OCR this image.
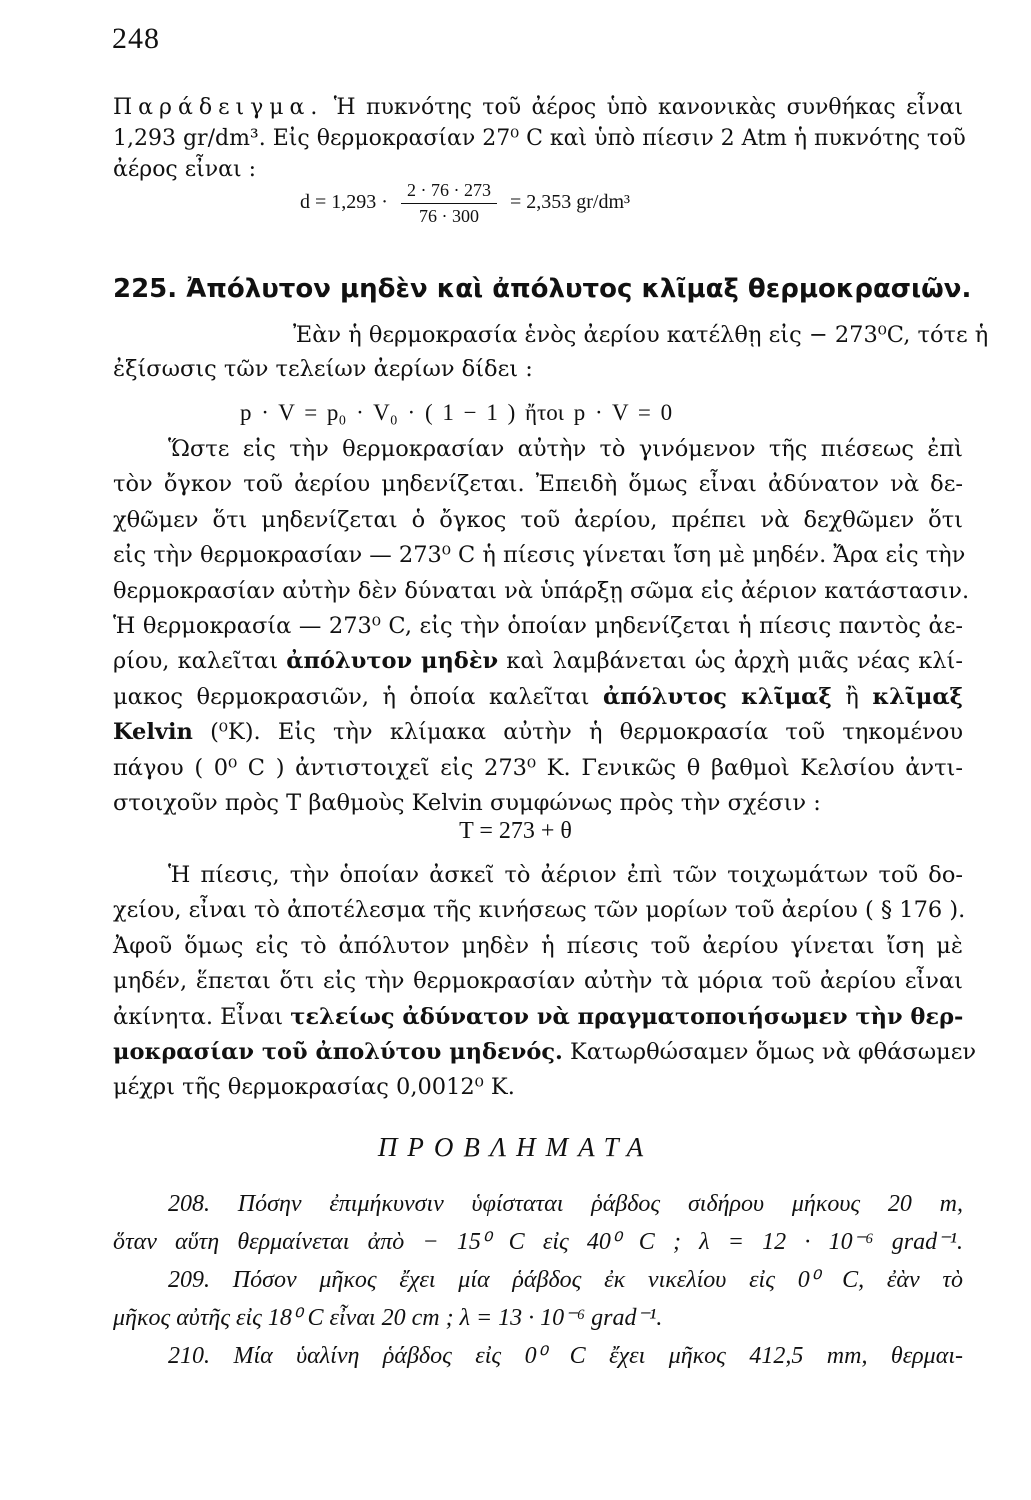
248
Παράδειγμα. Ἡ πυκνότης τοῦ ἀέρος ὑπὸ κανονικὰς συνθήκας εἶναι
1,293 gr/dm³. Εἰς θερμοκρασίαν 27⁰ C καὶ ὑπὸ πίεσιν 2 Atm ἡ πυκνότης τοῦ
ἀέρος εἶναι :
$d = 1,293 \cdot \frac{2 \cdot 76 \cdot 273}{76 \cdot 300} = 2,353$ gr/dm³
225. Ἀπόλυτον μηδὲν καὶ ἀπόλυτος κλῖμαξ θερμοκρασιῶν.
Ἐὰν ἡ θερμοκρασία ἑνὸς ἀερίου κατέλθῃ εἰς − 273⁰C, τότε ἡ
ἐξίσωσις τῶν τελείων ἀερίων δίδει :
p · V = p₀ · V₀ · ( 1 − 1 ) ἤτοι p · V = 0
Ὥστε εἰς τὴν θερμοκρασίαν αὐτὴν τὸ γινόμενον τῆς πιέσεως ἐπὶ
τὸν ὄγκον τοῦ ἀερίου μηδενίζεται. Ἐπειδὴ ὅμως εἶναι ἀδύνατον νὰ δε-
χθῶμεν ὅτι μηδενίζεται ὁ ὄγκος τοῦ ἀερίου, πρέπει νὰ δεχθῶμεν ὅτι
εἰς τὴν θερμοκρασίαν — 273⁰ C ἡ πίεσις γίνεται ἴση μὲ μηδέν. Ἄρα εἰς τὴν
θερμοκρασίαν αὐτὴν δὲν δύναται νὰ ὑπάρξῃ σῶμα εἰς ἀέριον κατάστασιν.
Ἡ θερμοκρασία — 273⁰ C, εἰς τὴν ὁποίαν μηδενίζεται ἡ πίεσις παντὸς ἀε-
ρίου, καλεῖται ἀπόλυτον μηδὲν καὶ λαμβάνεται ὡς ἀρχὴ μιᾶς νέας κλί-
μακος θερμοκρασιῶν, ἡ ὁποία καλεῖται ἀπόλυτος κλῖμαξ ἢ κλῖμαξ
Kelvin (⁰K). Εἰς τὴν κλίμακα αὐτὴν ἡ θερμοκρασία τοῦ τηκομένου
πάγου ( 0⁰ C ) ἀντιστοιχεῖ εἰς 273⁰ K. Γενικῶς θ βαθμοὶ Κελσίου ἀντι-
στοιχοῦν πρὸς T βαθμοὺς Kelvin συμφώνως πρὸς τὴν σχέσιν :
T = 273 + θ
Ἡ πίεσις, τὴν ὁποίαν ἀσκεῖ τὸ ἀέριον ἐπὶ τῶν τοιχωμάτων τοῦ δο-
χείου, εἶναι τὸ ἀποτέλεσμα τῆς κινήσεως τῶν μορίων τοῦ ἀερίου ( § 176 ).
Ἀφοῦ ὅμως εἰς τὸ ἀπόλυτον μηδὲν ἡ πίεσις τοῦ ἀερίου γίνεται ἴση μὲ
μηδέν, ἕπεται ὅτι εἰς τὴν θερμοκρασίαν αὐτὴν τὰ μόρια τοῦ ἀερίου εἶναι
ἀκίνητα. Εἶναι τελείως ἀδύνατον νὰ πραγματοποιήσωμεν τὴν θερ-
μοκρασίαν τοῦ ἀπολύτου μηδενός. Κατωρθώσαμεν ὅμως νὰ φθάσωμεν
μέχρι τῆς θερμοκρασίας 0,0012⁰ K.
ΠΡΟΒΛΗΜΑΤΑ
208. Πόσην ἐπιμήκυνσιν ὑφίσταται ῥάβδος σιδήρου μήκους 20 m,
ὅταν αὕτη θερμαίνεται ἀπὸ − 15⁰ C εἰς 40⁰ C ; λ = 12 · 10⁻⁶ grad⁻¹.
209. Πόσον μῆκος ἔχει μία ῥάβδος ἐκ νικελίου εἰς 0⁰ C, ἐὰν τὸ
μῆκος αὐτῆς εἰς 18⁰ C εἶναι 20 cm ; λ = 13 · 10⁻⁶ grad⁻¹.
210. Μία ὑαλίνη ῥάβδος εἰς 0⁰ C ἔχει μῆκος 412,5 mm, θερμαι-
